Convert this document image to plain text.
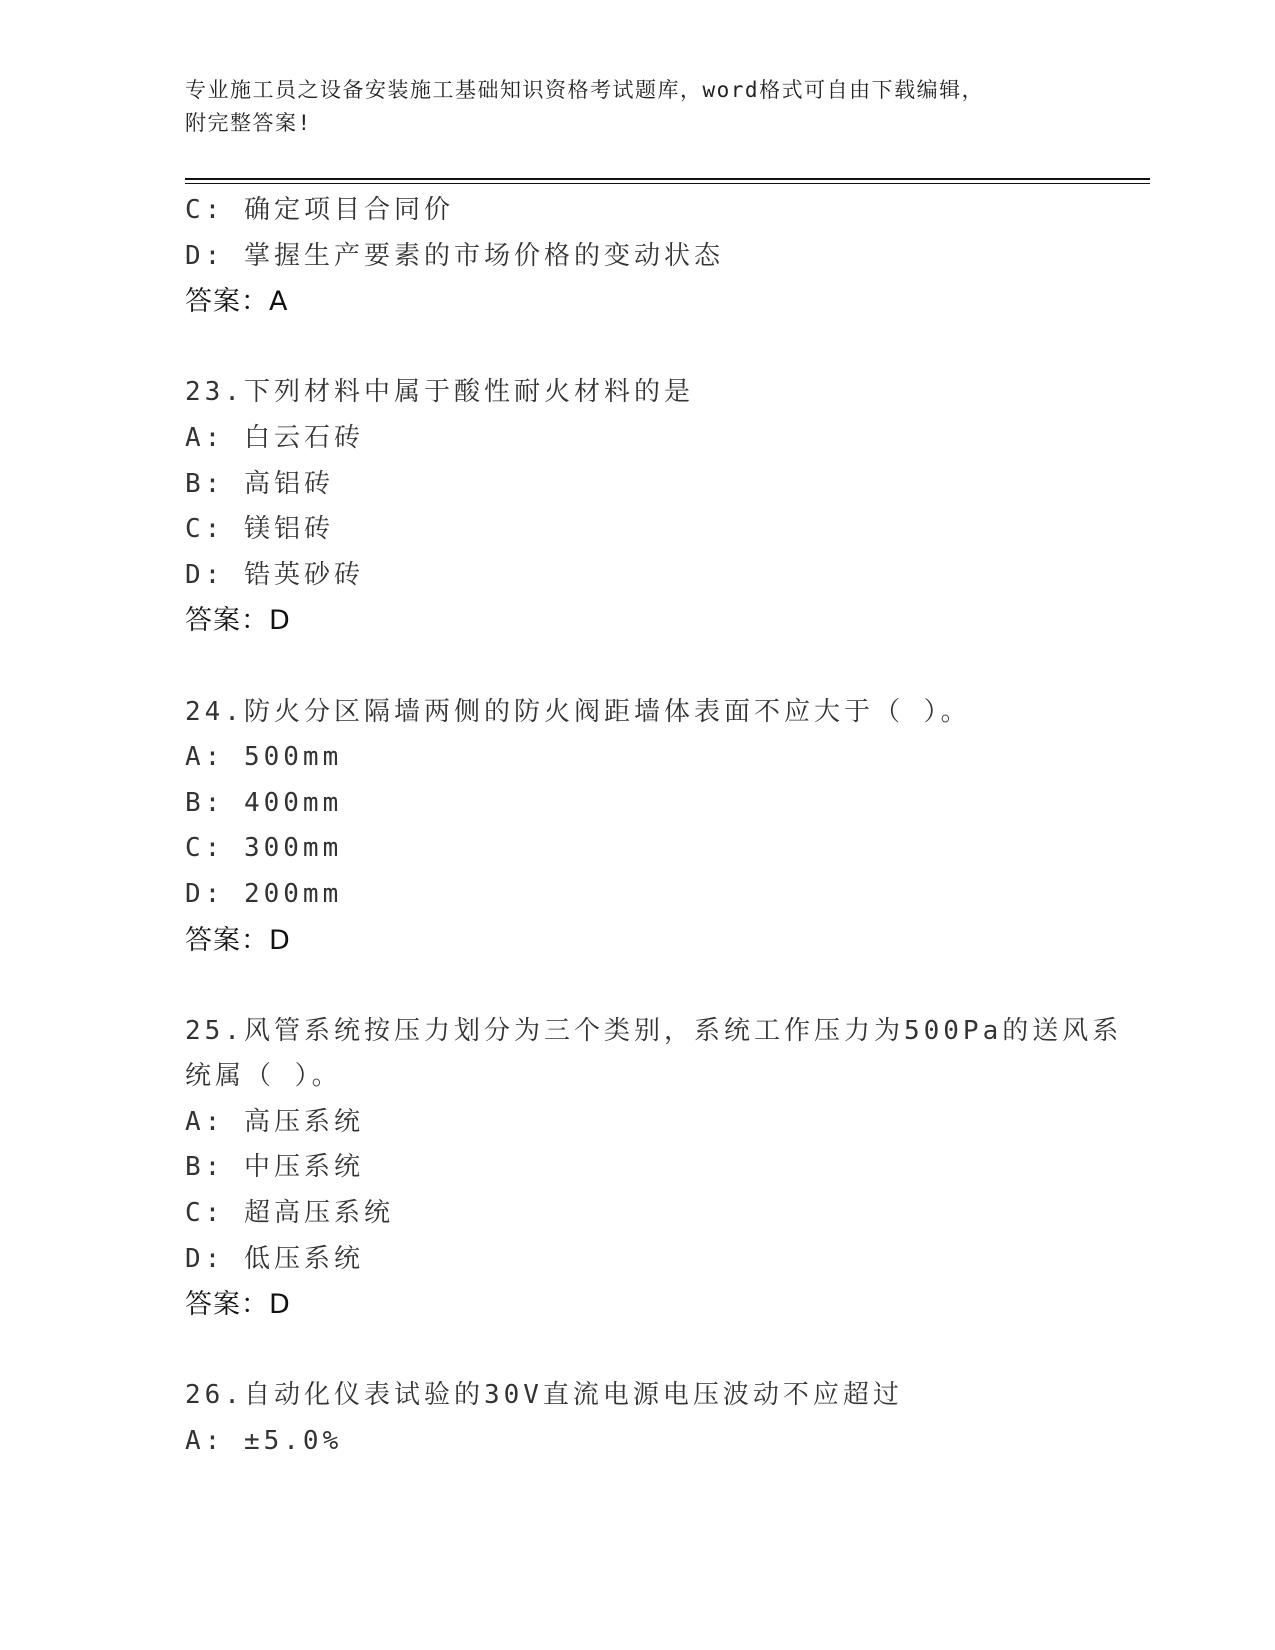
专业施工员之设备安装施工基础知识资格考试题库，word格式可自由下载编辑，
附完整答案!
C: 确定项目合同价
D: 掌握生产要素的市场价格的变动状态
答案：A
23.下列材料中属于酸性耐火材料的是
A: 白云石砖
B: 高铝砖
C: 镁铝砖
D: 锆英砂砖
答案：D
24.防火分区隔墙两侧的防火阀距墙体表面不应大于（ ）。
A: 500mm
B: 400mm
C: 300mm
D: 200mm
答案：D
25.风管系统按压力划分为三个类别，系统工作压力为500Pa的送风系
统属（ ）。
A: 高压系统
B: 中压系统
C: 超高压系统
D: 低压系统
答案：D
26.自动化仪表试验的30V直流电源电压波动不应超过
A: ±5.0%
